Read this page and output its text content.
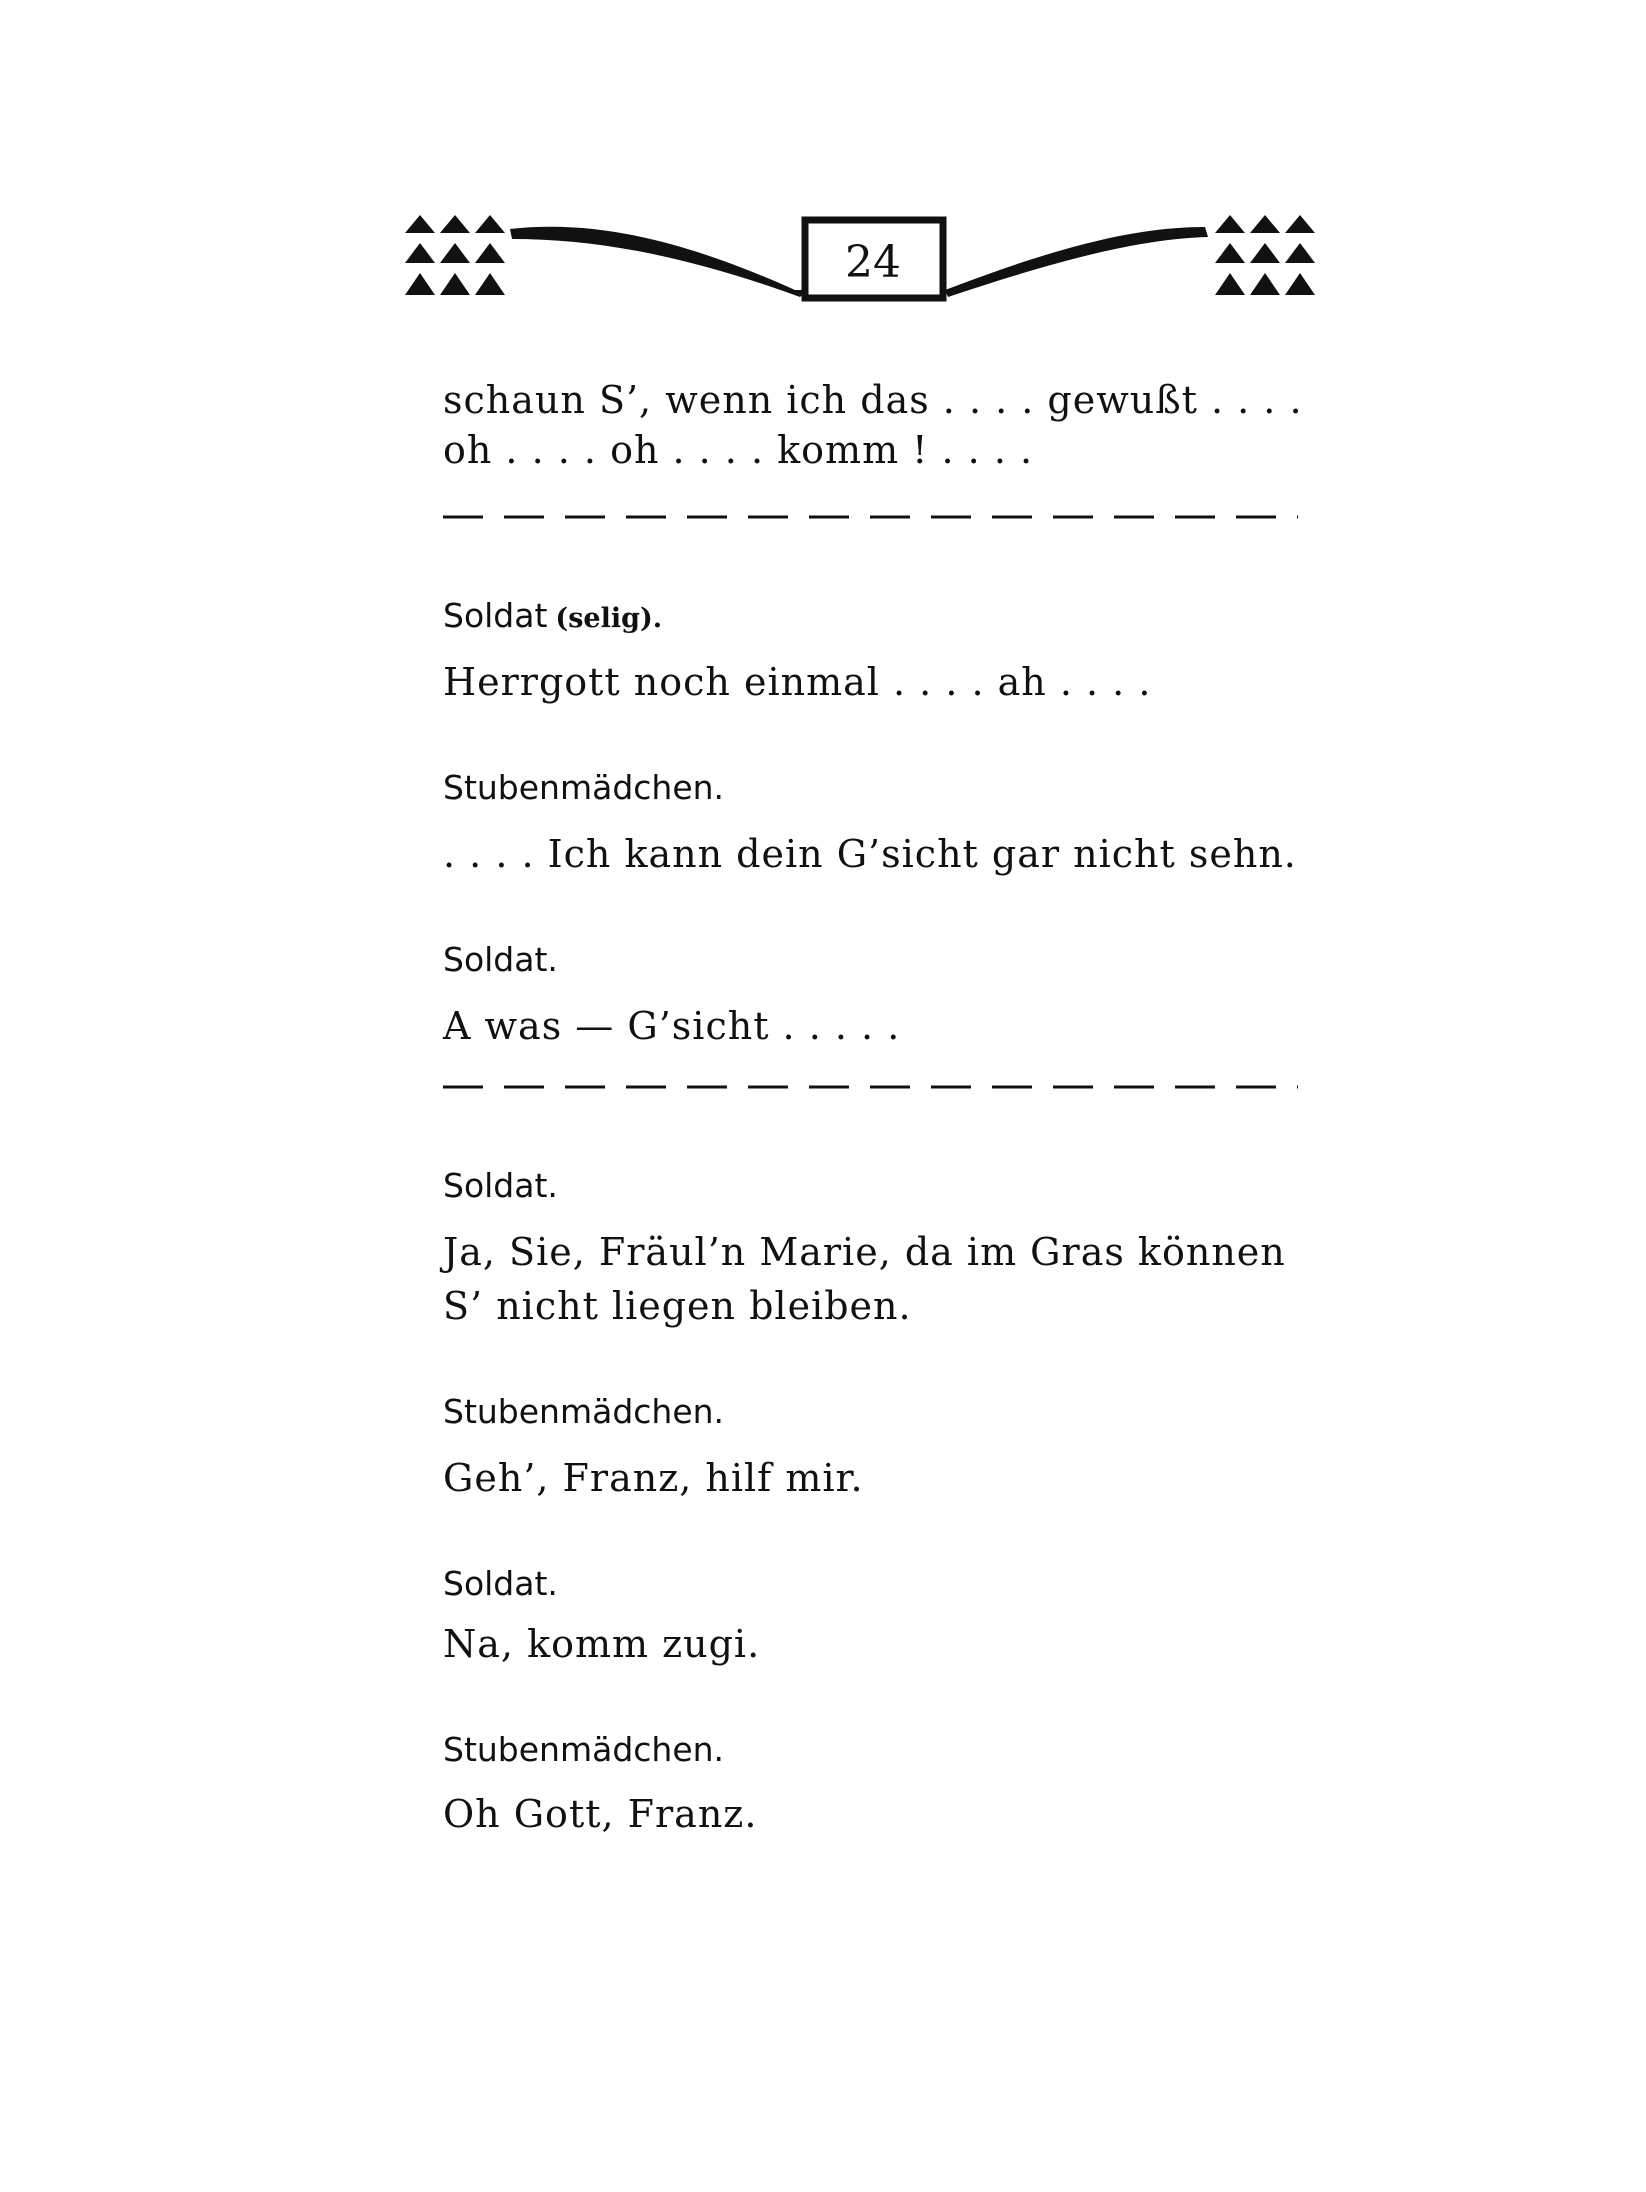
24
schaun S’, wenn ich das . . . . gewußt . . . .
oh . . . . oh . . . . komm ! . . . .
Soldat (selig).
Herrgott noch einmal . . . . ah . . . .
Stubenmädchen.
. . . . Ich kann dein G’sicht gar nicht sehn.
Soldat.
A was — G’sicht . . . . .
Soldat.
Ja, Sie, Fräul’n Marie, da im Gras können
S’ nicht liegen bleiben.
Stubenmädchen.
Geh’, Franz, hilf mir.
Soldat.
Na, komm zugi.
Stubenmädchen.
Oh Gott, Franz.
